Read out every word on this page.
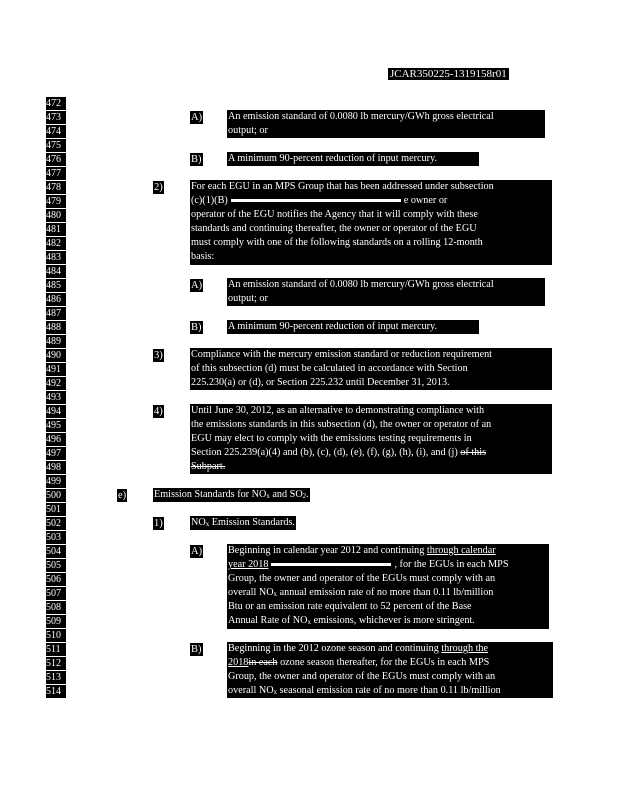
JCAR350225-1319158r01
472
473
474
475
476
477
478
479
480
481
482
483
484
485
486
487
488
489
490
491
492
493
494
495
496
497
498
499
500
501
502
503
504
505
506
507
508
509
510
511
512
513
514
A)	An emission standard of 0.0080 lb mercury/GWh gross electrical
output; or
B)	A minimum 90-percent reduction of input mercury.
2)	For each EGU in an MPS Group that has been addressed under subsection
(c)(1)(B)	e owner or
operator of the EGU notifies the Agency that it will comply with these
standards and continuing thereafter, the owner or operator of the EGU
must comply with one of the following standards on a rolling 12-month
basis:
A)	An emission standard of 0.0080 lb mercury/GWh gross electrical
output; or
B)	A minimum 90-percent reduction of input mercury.
3)	Compliance with the mercury emission standard or reduction requirement
of this subsection (d) must be calculated in accordance with Section
225.230(a) or (d), or Section 225.232 until December 31, 2013.
4)	Until June 30, 2012, as an alternative to demonstrating compliance with
the emissions standards in this subsection (d), the owner or operator of an
EGU may elect to comply with the emissions testing requirements in
Section 225.239(a)(4) and (b), (c), (d), (e), (f), (g), (h), (i), and (j) of this
Subpart.
e)	Emission Standards for NOx and SO2.
1)	NOx Emission Standards.
A)	Beginning in calendar year 2012 and continuing through calendar
year 2018	, for the EGUs in each MPS
Group, the owner and operator of the EGUs must comply with an
overall NOx annual emission rate of no more than 0.11 lb/million
Btu or an emission rate equivalent to 52 percent of the Base
Annual Rate of NOx emissions, whichever is more stringent.
B)	Beginning in the 2012 ozone season and continuing through the
2018in each ozone season thereafter, for the EGUs in each MPS
Group, the owner and operator of the EGUs must comply with an
overall NOx seasonal emission rate of no more than 0.11 lb/million
